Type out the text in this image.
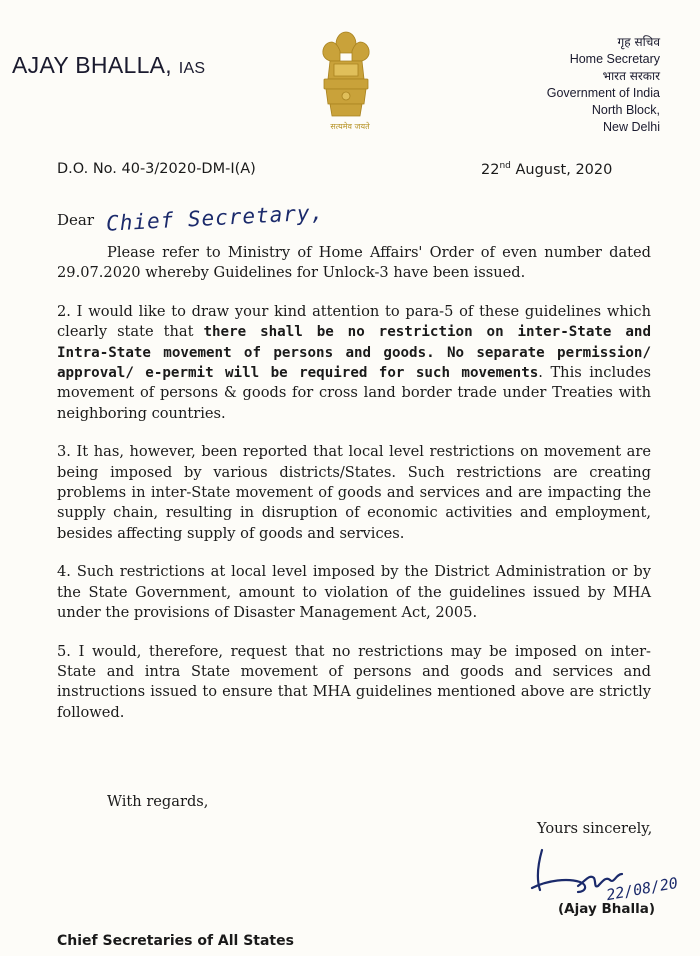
AJAY BHALLA, IAS
सत्यमेव जयते
गृह सचिव
Home Secretary
भारत सरकार
Government of India
North Block,
New Delhi
D.O. No. 40-3/2020-DM-I(A)	22nd August, 2020
Dear Chief Secretary,

Please refer to Ministry of Home Affairs' Order of even number dated 29.07.2020 whereby Guidelines for Unlock-3 have been issued.

2. I would like to draw your kind attention to para-5 of these guidelines which clearly state that there shall be no restriction on inter-State and Intra-State movement of persons and goods. No separate permission/ approval/ e-permit will be required for such movements. This includes movement of persons & goods for cross land border trade under Treaties with neighboring countries.

3. It has, however, been reported that local level restrictions on movement are being imposed by various districts/States. Such restrictions are creating problems in inter-State movement of goods and services and are impacting the supply chain, resulting in disruption of economic activities and employment, besides affecting supply of goods and services.

4. Such restrictions at local level imposed by the District Administration or by the State Government, amount to violation of the guidelines issued by MHA under the provisions of Disaster Management Act, 2005.

5. I would, therefore, request that no restrictions may be imposed on inter-State and intra State movement of persons and goods and services and instructions issued to ensure that MHA guidelines mentioned above are strictly followed.

With regards,
Yours sincerely,
22/08/20
(Ajay Bhalla)
Chief Secretaries of All States
